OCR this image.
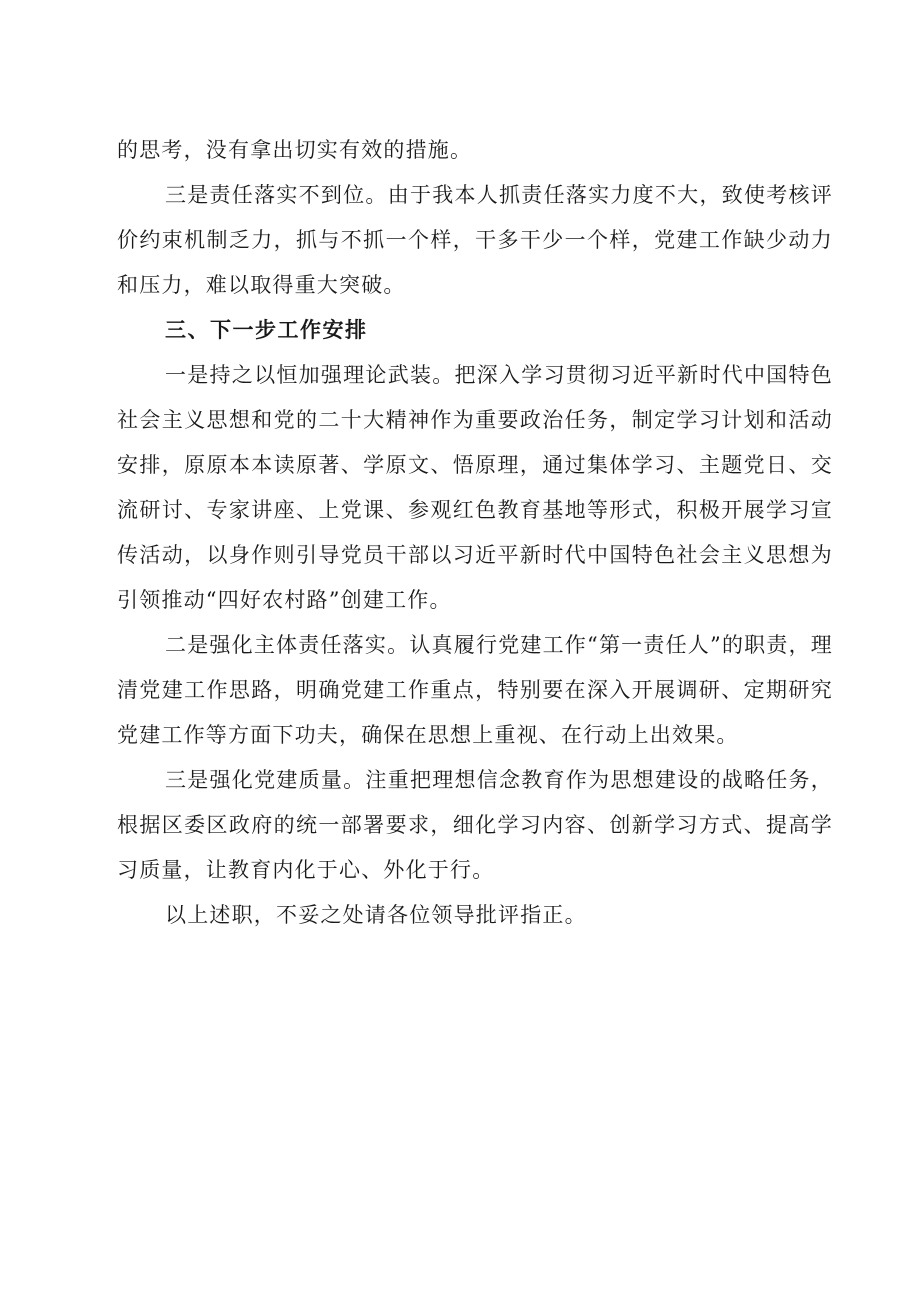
的思考，没有拿出切实有效的措施。

三是责任落实不到位。由于我本人抓责任落实力度不大，致使考核评价约束机制乏力，抓与不抓一个样，干多干少一个样，党建工作缺少动力和压力，难以取得重大突破。

三、下一步工作安排

一是持之以恒加强理论武装。把深入学习贯彻习近平新时代中国特色社会主义思想和党的二十大精神作为重要政治任务，制定学习计划和活动安排，原原本本读原著、学原文、悟原理，通过集体学习、主题党日、交流研讨、专家讲座、上党课、参观红色教育基地等形式，积极开展学习宣传活动，以身作则引导党员干部以习近平新时代中国特色社会主义思想为引领推动“四好农村路”创建工作。

二是强化主体责任落实。认真履行党建工作“第一责任人”的职责，理清党建工作思路，明确党建工作重点，特别要在深入开展调研、定期研究党建工作等方面下功夫，确保在思想上重视、在行动上出效果。

三是强化党建质量。注重把理想信念教育作为思想建设的战略任务，根据区委区政府的统一部署要求，细化学习内容、创新学习方式、提高学习质量，让教育内化于心、外化于行。

以上述职，不妥之处请各位领导批评指正。
